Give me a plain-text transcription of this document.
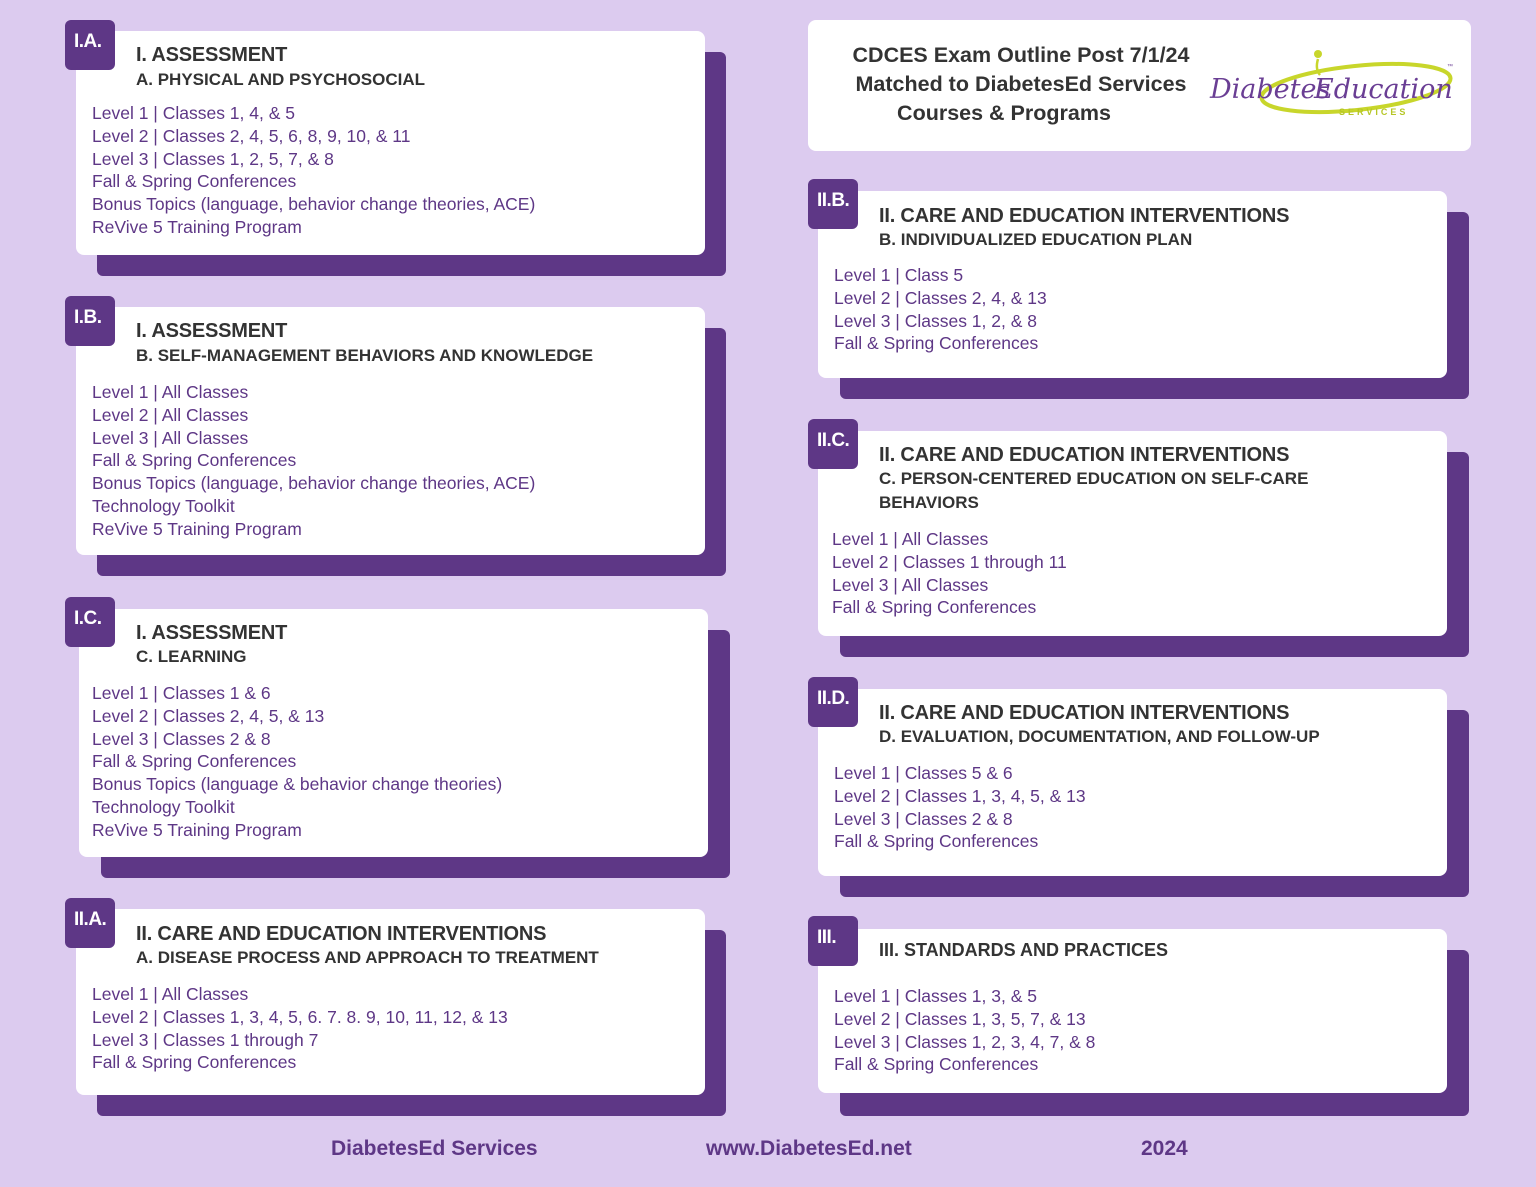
CDCES Exam Outline Post 7/1/24
Matched to DiabetesEd Services
Courses & Programs
Diabetes
Education
SERVICES
™
I. ASSESSMENT
A. PHYSICAL AND PSYCHOSOCIAL
Level 1 | Classes 1, 4, & 5
Level 2 | Classes 2, 4, 5, 6, 8, 9, 10, & 11
Level 3 | Classes 1, 2, 5, 7, & 8
Fall & Spring Conferences
Bonus Topics (language, behavior change theories, ACE)
ReVive 5 Training Program
I.A.
I. ASSESSMENT
B. SELF-MANAGEMENT BEHAVIORS AND KNOWLEDGE
Level 1 | All Classes
Level 2 | All Classes
Level 3 | All Classes
Fall & Spring Conferences
Bonus Topics (language, behavior change theories, ACE)
Technology Toolkit
ReVive 5 Training Program
I.B.
I. ASSESSMENT
C. LEARNING
Level 1 | Classes 1 & 6
Level 2 | Classes 2, 4, 5, & 13
Level 3 | Classes 2 & 8
Fall & Spring Conferences
Bonus Topics (language & behavior change theories)
Technology Toolkit
ReVive 5 Training Program
I.C.
II. CARE AND EDUCATION INTERVENTIONS
A. DISEASE PROCESS AND APPROACH TO TREATMENT
Level 1 | All Classes
Level 2 | Classes 1, 3, 4, 5, 6. 7. 8. 9, 10, 11, 12, & 13
Level 3 | Classes 1 through 7
Fall & Spring Conferences
II.A.
II. CARE AND EDUCATION INTERVENTIONS
B. INDIVIDUALIZED EDUCATION PLAN
Level 1 | Class 5
Level 2 | Classes 2, 4, & 13
Level 3 | Classes 1, 2, & 8
Fall & Spring Conferences
II.B.
II. CARE AND EDUCATION INTERVENTIONS
C. PERSON-CENTERED EDUCATION ON SELF-CARE
BEHAVIORS
Level 1 | All Classes
Level 2 | Classes 1 through 11
Level 3 | All Classes
Fall & Spring Conferences
II.C.
II. CARE AND EDUCATION INTERVENTIONS
D. EVALUATION, DOCUMENTATION, AND FOLLOW-UP
Level 1 | Classes 5 & 6
Level 2 | Classes 1, 3, 4, 5, & 13
Level 3 | Classes 2 & 8
Fall & Spring Conferences
II.D.
III. STANDARDS AND PRACTICES
Level 1 | Classes 1, 3, & 5
Level 2 | Classes 1, 3, 5, 7, & 13
Level 3 | Classes 1, 2, 3, 4, 7, & 8
Fall & Spring Conferences
III.
DiabetesEd Services	www.DiabetesEd.net	2024
